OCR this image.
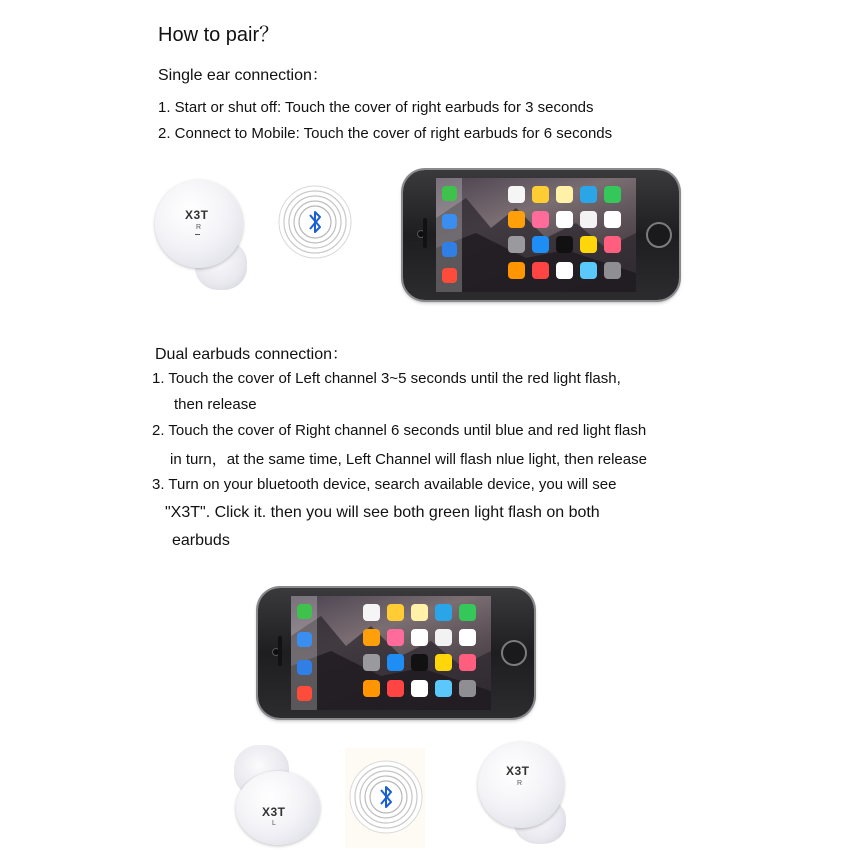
How to pair？
Single ear connection：
1. Start or shut off: Touch the cover of right earbuds for 3 seconds
2. Connect to Mobile: Touch the cover of right earbuds for 6 seconds
Dual earbuds connection：
1. Touch the cover of Left channel 3~5 seconds until the red light flash,
then release
2. Touch the cover of Right channel 6 seconds until blue and red light flash
in turn，at the same time, Left Channel will flash nlue light, then release
3. Turn on your bluetooth device, search available device, you will see
"X3T". Click it. then you will see both green light flash on both
earbuds
X3T
R
X3T
L
X3T
R
